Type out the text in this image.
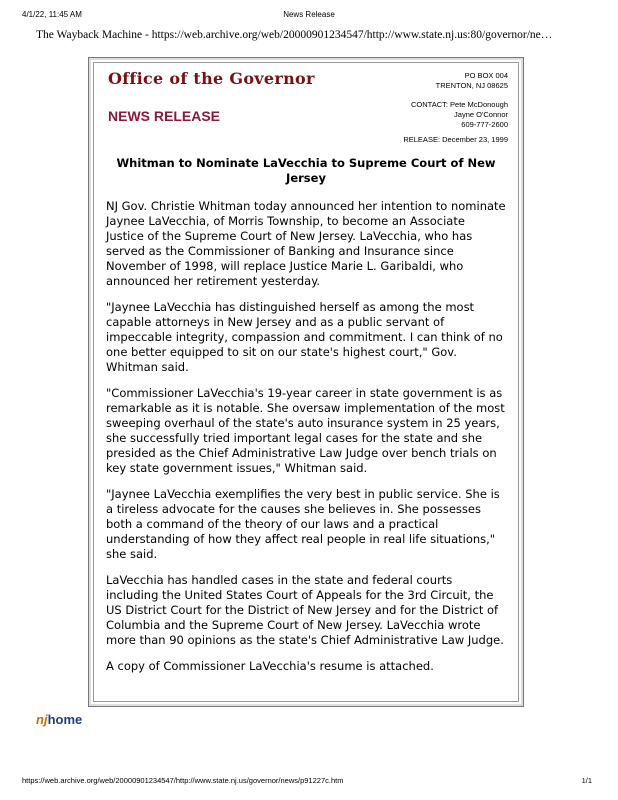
4/1/22, 11:45 AM	News Release
The Wayback Machine - https://web.archive.org/web/20000901234547/http://www.state.nj.us:80/governor/ne…
Office of the Governor
NEWS RELEASE
PO BOX 004
TRENTON, NJ 08625
CONTACT: Pete McDonough
Jayne O'Connor
609-777-2600
RELEASE: December 23, 1999
Whitman to Nominate LaVecchia to Supreme Court of New Jersey

NJ Gov. Christie Whitman today announced her intention to nominate Jaynee LaVecchia, of Morris Township, to become an Associate Justice of the Supreme Court of New Jersey. LaVecchia, who has served as the Commissioner of Banking and Insurance since November of 1998, will replace Justice Marie L. Garibaldi, who announced her retirement yesterday.

"Jaynee LaVecchia has distinguished herself as among the most capable attorneys in New Jersey and as a public servant of impeccable integrity, compassion and commitment. I can think of no one better equipped to sit on our state's highest court," Gov. Whitman said.

"Commissioner LaVecchia's 19-year career in state government is as remarkable as it is notable. She oversaw implementation of the most sweeping overhaul of the state's auto insurance system in 25 years, she successfully tried important legal cases for the state and she presided as the Chief Administrative Law Judge over bench trials on key state government issues," Whitman said.

"Jaynee LaVecchia exemplifies the very best in public service. She is a tireless advocate for the causes she believes in. She possesses both a command of the theory of our laws and a practical understanding of how they affect real people in real life situations," she said.

LaVecchia has handled cases in the state and federal courts including the United States Court of Appeals for the 3rd Circuit, the US District Court for the District of New Jersey and for the District of Columbia and the Supreme Court of New Jersey. LaVecchia wrote more than 90 opinions as the state's Chief Administrative Law Judge.

A copy of Commissioner LaVecchia's resume is attached.

njhome
https://web.archive.org/web/20000901234547/http://www.state.nj.us/governor/news/p91227c.htm	1/1
